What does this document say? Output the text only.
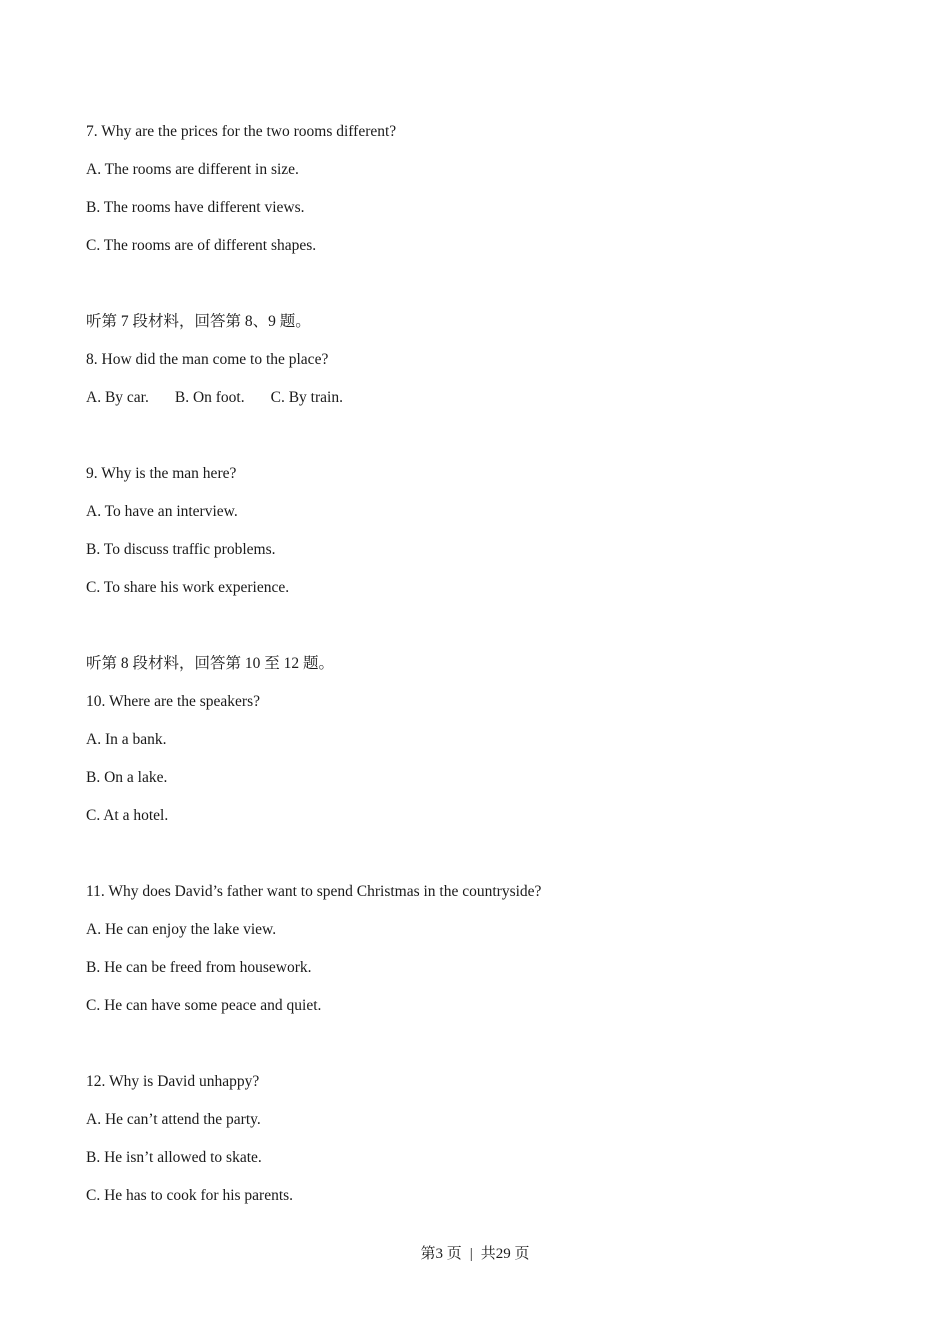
7. Why are the prices for the two rooms different?
A. The rooms are different in size.
B. The rooms have different views.
C. The rooms are of different shapes.
听第 7 段材料，回答第 8、9 题。
8. How did the man come to the place?
A. By car. B. On foot. C. By train.
9. Why is the man here?
A. To have an interview.
B. To discuss traffic problems.
C. To share his work experience.
听第 8 段材料，回答第 10 至 12 题。
10. Where are the speakers?
A. In a bank.
B. On a lake.
C. At a hotel.
11. Why does David’s father want to spend Christmas in the countryside?
A. He can enjoy the lake view.
B. He can be freed from housework.
C. He can have some peace and quiet.
12. Why is David unhappy?
A. He can’t attend the party.
B. He isn’t allowed to skate.
C. He has to cook for his parents.
第3 页 | 共29 页
